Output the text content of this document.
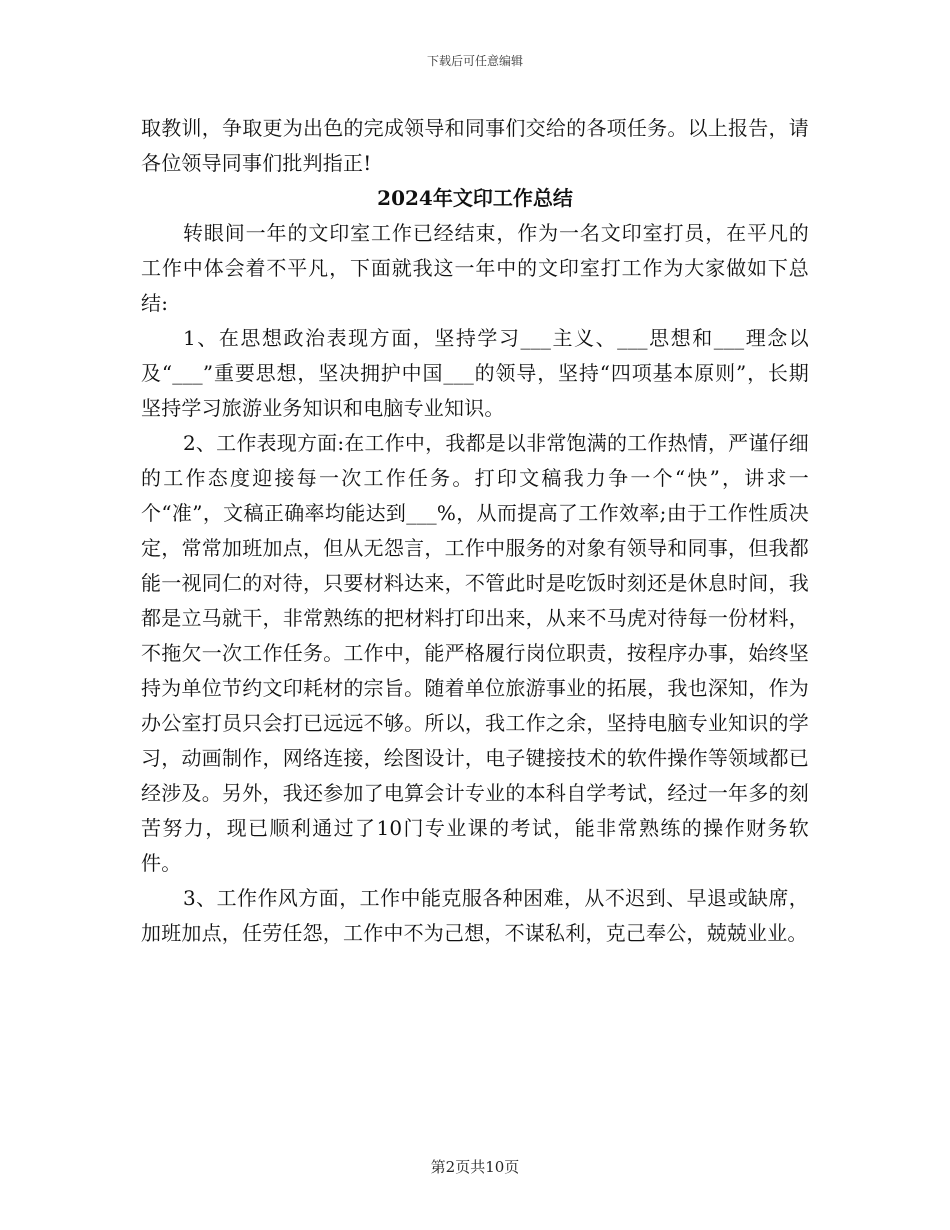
下载后可任意编辑

取教训，争取更为出色的完成领导和同事们交给的各项任务。以上报告，请各位领导同事们批判指正!

2024年文印工作总结

转眼间一年的文印室工作已经结束，作为一名文印室打员，在平凡的工作中体会着不平凡，下面就我这一年中的文印室打工作为大家做如下总结:

1、在思想政治表现方面，坚持学习___主义、___思想和___理念以及“___”重要思想，坚决拥护中国___的领导，坚持“四项基本原则”，长期坚持学习旅游业务知识和电脑专业知识。

2、工作表现方面:在工作中，我都是以非常饱满的工作热情，严谨仔细的工作态度迎接每一次工作任务。打印文稿我力争一个“快”，讲求一个“准”，文稿正确率均能达到___%，从而提高了工作效率;由于工作性质决定，常常加班加点，但从无怨言，工作中服务的对象有领导和同事，但我都能一视同仁的对待，只要材料达来，不管此时是吃饭时刻还是休息时间，我都是立马就干，非常熟练的把材料打印出来，从来不马虎对待每一份材料，不拖欠一次工作任务。工作中，能严格履行岗位职责，按程序办事，始终坚持为单位节约文印耗材的宗旨。随着单位旅游事业的拓展，我也深知，作为办公室打员只会打已远远不够。所以，我工作之余，坚持电脑专业知识的学习，动画制作，网络连接，绘图设计，电子键接技术的软件操作等领域都已经涉及。另外，我还参加了电算会计专业的本科自学考试，经过一年多的刻苦努力，现已顺利通过了10门专业课的考试，能非常熟练的操作财务软件。

3、工作作风方面，工作中能克服各种困难，从不迟到、早退或缺席，加班加点，任劳任怨，工作中不为己想，不谋私利，克己奉公，兢兢业业。

第2页共10页
